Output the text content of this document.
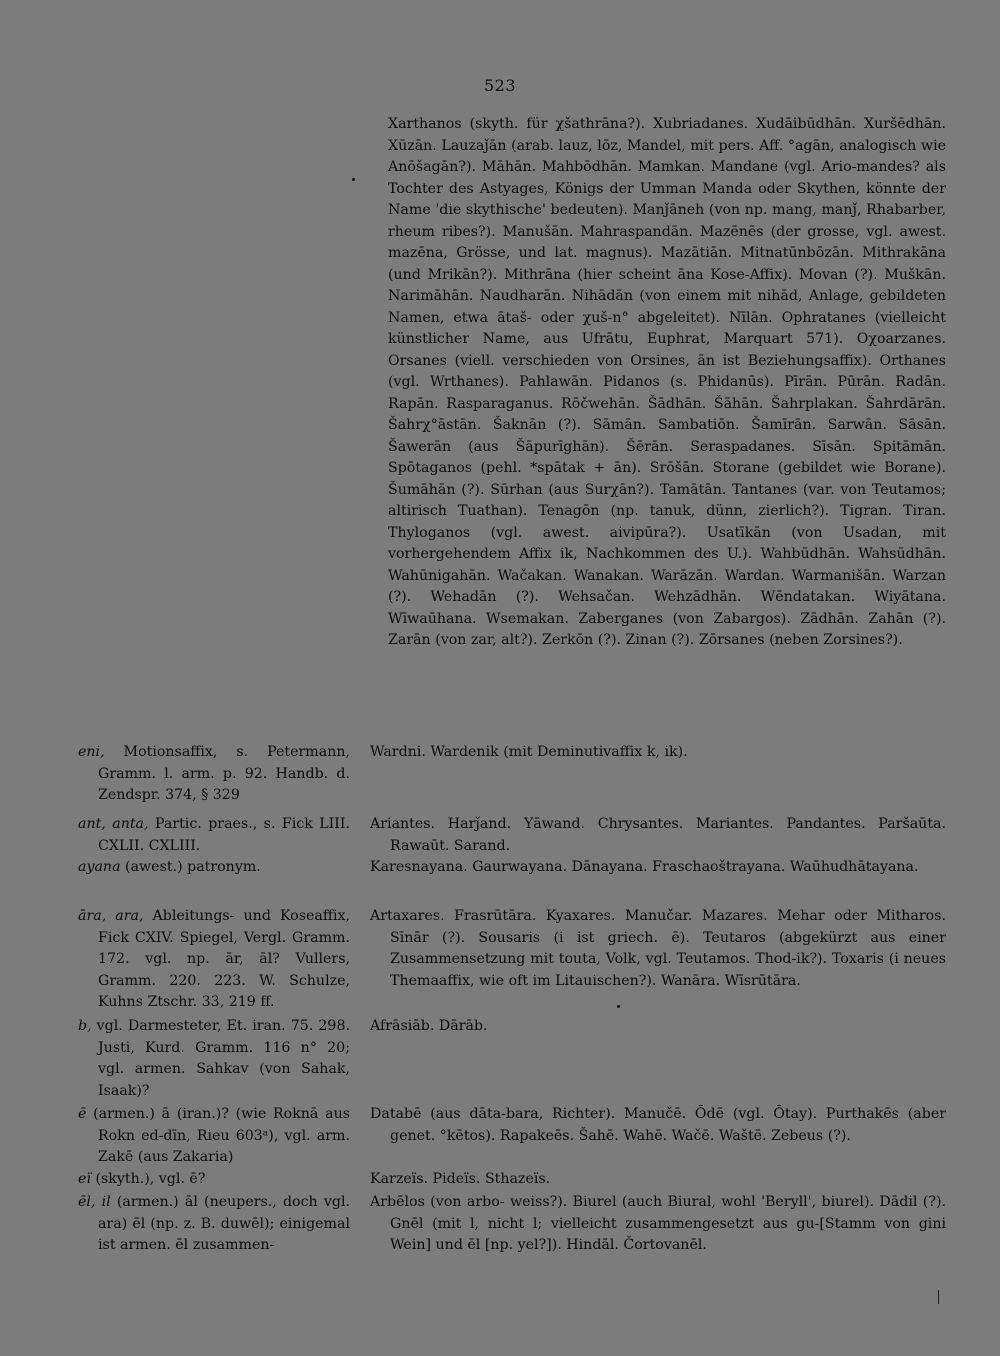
523

Xarthanos (skyth. für χšathrāna?). Xubriadanes. Xudāibūdhān. Xuršēdhān. Xūzān. Lauzaǰān (arab. lauz, lōz, Mandel, mit pers. Aff. °agān, analogisch wie Anōšagān?). Māhān. Mahbōdhān. Mamkan. Mandane (vgl. Ario-mandes? als Tochter des Astyages, Königs der Umman Manda oder Skythen, könnte der Name 'die skythische' bedeuten). Manǰāneh (von np. mang, manǰ, Rhabarber, rheum ribes?). Manušān. Mahraspandān. Mazēnēs (der grosse, vgl. awest. mazēna, Grösse, und lat. magnus). Mazātiān. Mitnatūnbōzān. Mithrakāna (und Mrikān?). Mithrāna (hier scheint āna Kose-Affix). Movan (?). Muškān. Narimāhān. Naudharān. Nihādān (von einem mit nihād, Anlage, gebildeten Namen, etwa ātaš- oder χuš-n° abgeleitet). Nīlān. Ophratanes (vielleicht künstlicher Name, aus Ufrātu, Euphrat, Marquart 571). Oχoarzanes. Orsanes (viell. verschieden von Orsines, ān ist Beziehungsaffix). Orthanes (vgl. Wrthanes). Pahlawān. Pidanos (s. Phidanūs). Pīrān. Pūrān. Radān. Rapān. Rasparaganus. Rōčwehān. Šādhān. Šāhān. Šahrplakan. Šahrdārān. Šahrχ°āstān. Šaknān (?). Sāmān. Sambatiōn. Šamīrān. Sarwān. Sāsān. Šawerān (aus Šāpurīghān). Šērān. Seraspadanes. Sīsān. Spitāmān. Spōtaganos (pehl. *spātak + ān). Srōšān. Storane (gebildet wie Borane). Šumāhān (?). Sūrhan (aus Surχān?). Tamātān. Tantanes (var. von Teutamos; altirisch Tuathan). Tenagōn (np. tanuk, dünn, zierlich?). Tigran. Tiran. Thyloganos (vgl. awest. aivipūra?). Usatīkān (von Usadan, mit vorhergehendem Affix ik, Nachkommen des U.). Wahbūdhān. Wahsūdhān. Wahūnigahān. Wačakan. Wanakan. Warāzān. Wardan. Warmanišān. Warzan (?). Wehadān (?). Wehsačan. Wehzādhān. Wēndatakan. Wiyātana. Wīwaūhana. Wsemakan. Zaberganes (von Zabargos). Zādhān. Zahān (?). Zarān (von zar, alt?). Zerkōn (?). Zinan (?). Zōrsanes (neben Zorsines?).

eni, Motionsaffix, s. Petermann, Gramm. l. arm. p. 92. Handb. d. Zendspr. 374, § 329

Wardni. Wardenik (mit Deminutivaffix k, ik).

ant, anta, Partic. praes., s. Fick LIII. CXLII. CXLIII.

Ariantes. Harǰand. Yāwand. Chrysantes. Mariantes. Pandantes. Paršaūta. Rawaūt. Sarand.

ayana (awest.) patronym.	Karesnayana. Gaurwayana. Dānayana. Fraschaoštrayana. Waūhudhātayana.

āra, ara, Ableitungs- und Koseaffix, Fick CXIV. Spiegel, Vergl. Gramm. 172. vgl. np. ār, āl? Vullers, Gramm. 220. 223. W. Schulze, Kuhns Ztschr. 33, 219 ff.

Artaxares. Frasrūtāra. Kyaxares. Manučar. Mazares. Mehar oder Mitharos. Sīnār (?). Sousaris (i ist griech. ē). Teutaros (abgekürzt aus einer Zusammensetzung mit touta, Volk, vgl. Teutamos. Thod-ik?). Toxaris (i neues Themaaffix, wie oft im Litauischen?). Wanāra. Wīsrūtāra.

b, vgl. Darmesteter, Et. iran. 75. 298. Justi, Kurd. Gramm. 116 n° 20; vgl. armen. Sahkav (von Sahak, Isaak)?

Afrāsiāb. Dārāb.

ē (armen.) ā (iran.)? (wie Roknā aus Rokn ed-dīn, Rieu 603ᵃ), vgl. arm. Zakē (aus Zakaria)

Databē (aus dāta-bara, Richter). Manučē. Ōdē (vgl. Ōtay). Purthakēs (aber genet. °kētos). Rapakeēs. Šahē. Wahē. Wačē. Waštē. Zebeus (?).

eï (skyth.), vgl. ē?	Karzeïs. Pideïs. Sthazeïs.

ēl, il (armen.) āl (neupers., doch vgl. ara) ēl (np. z. B. duwēl); einigemal ist armen. ēl zusammen-

Arbēlos (von arbo- weiss?). Biurel (auch Biural, wohl 'Beryll', biurel). Dādil (?). Gnēl (mit l, nicht l; vielleicht zusammengesetzt aus gu-[Stamm von gini Wein] und ēl [np. yel?]). Hindāl. Čortovanēl.
